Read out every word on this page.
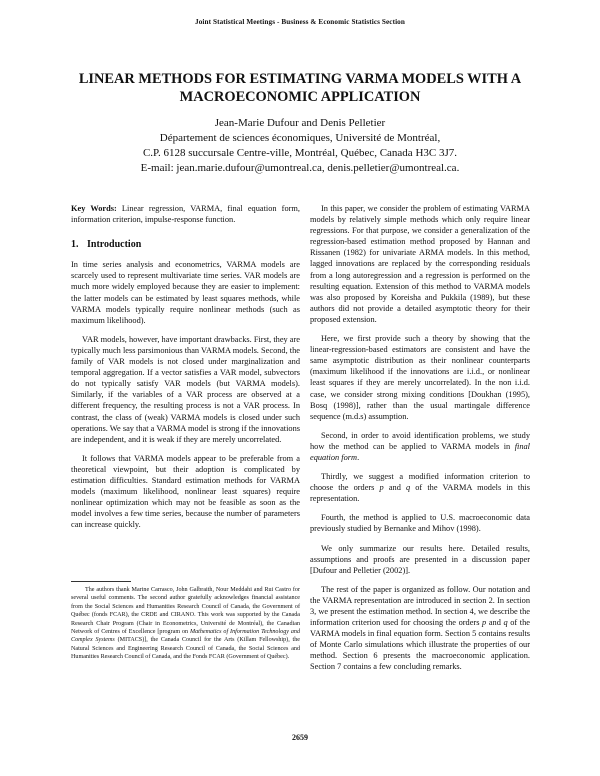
Joint Statistical Meetings - Business & Economic Statistics Section
LINEAR METHODS FOR ESTIMATING VARMA MODELS WITH A
MACROECONOMIC APPLICATION
Jean-Marie Dufour and Denis Pelletier
Département de sciences économiques, Université de Montréal,
C.P. 6128 succursale Centre-ville, Montréal, Québec, Canada H3C 3J7.
E-mail: jean.marie.dufour@umontreal.ca, denis.pelletier@umontreal.ca.

Key Words: Linear regression, VARMA, final equation form, information criterion, impulse-response function.

1. Introduction

In time series analysis and econometrics, VARMA models are scarcely used to represent multivariate time series. VAR models are much more widely employed because they are easier to implement: the latter models can be estimated by least squares methods, while VARMA models typically require nonlinear methods (such as maximum likelihood).

VAR models, however, have important drawbacks. First, they are typically much less parsimonious than VARMA models. Second, the family of VAR models is not closed under marginalization and temporal aggregation. If a vector satisfies a VAR model, subvectors do not typically satisfy VAR models (but VARMA models). Similarly, if the variables of a VAR process are observed at a different frequency, the resulting process is not a VAR process. In contrast, the class of (weak) VARMA models is closed under such operations. We say that a VARMA model is strong if the innovations are independent, and it is weak if they are merely uncorrelated.

It follows that VARMA models appear to be preferable from a theoretical viewpoint, but their adoption is complicated by estimation difficulties. Standard estimation methods for VARMA models (maximum likelihood, nonlinear least squares) require nonlinear optimization which may not be feasible as soon as the model involves a few time series, because the number of parameters can increase quickly.

The authors thank Marine Carrasco, John Galbraith, Nour Meddahi and Rui Castro for several useful comments. The second author gratefully acknowledges financial assistance from the Social Sciences and Humanities Research Council of Canada, the Government of Québec (fonds FCAR), the CRDE and CIRANO. This work was supported by the Canada Research Chair Program (Chair in Econometrics, Université de Montréal), the Canadian Network of Centres of Excellence [program on Mathematics of Information Technology and Complex Systems (MITACS)], the Canada Council for the Arts (Killam Fellowship), the Natural Sciences and Engineering Research Council of Canada, the Social Sciences and Humanities Research Council of Canada, and the Fonds FCAR (Government of Québec).

In this paper, we consider the problem of estimating VARMA models by relatively simple methods which only require linear regressions. For that purpose, we consider a generalization of the regression-based estimation method proposed by Hannan and Rissanen (1982) for univariate ARMA models. In this method, lagged innovations are replaced by the corresponding residuals from a long autoregression and a regression is performed on the resulting equation. Extension of this method to VARMA models was also proposed by Koreisha and Pukkila (1989), but these authors did not provide a detailed asymptotic theory for their proposed extension.

Here, we first provide such a theory by showing that the linear-regression-based estimators are consistent and have the same asymptotic distribution as their nonlinear counterparts (maximum likelihood if the innovations are i.i.d., or nonlinear least squares if they are merely uncorrelated). In the non i.i.d. case, we consider strong mixing conditions [Doukhan (1995), Bosq (1998)], rather than the usual martingale difference sequence (m.d.s) assumption.

Second, in order to avoid identification problems, we study how the method can be applied to VARMA models in final equation form.

Thirdly, we suggest a modified information criterion to choose the orders p and q of the VARMA models in this representation.

Fourth, the method is applied to U.S. macroeconomic data previously studied by Bernanke and Mihov (1998).

We only summarize our results here. Detailed results, assumptions and proofs are presented in a discussion paper [Dufour and Pelletier (2002)].

The rest of the paper is organized as follow. Our notation and the VARMA representation are introduced in section 2. In section 3, we present the estimation method. In section 4, we describe the information criterion used for choosing the orders p and q of the VARMA models in final equation form. Section 5 contains results of Monte Carlo simulations which illustrate the properties of our method. Section 6 presents the macroeconomic application. Section 7 contains a few concluding remarks.

2659
